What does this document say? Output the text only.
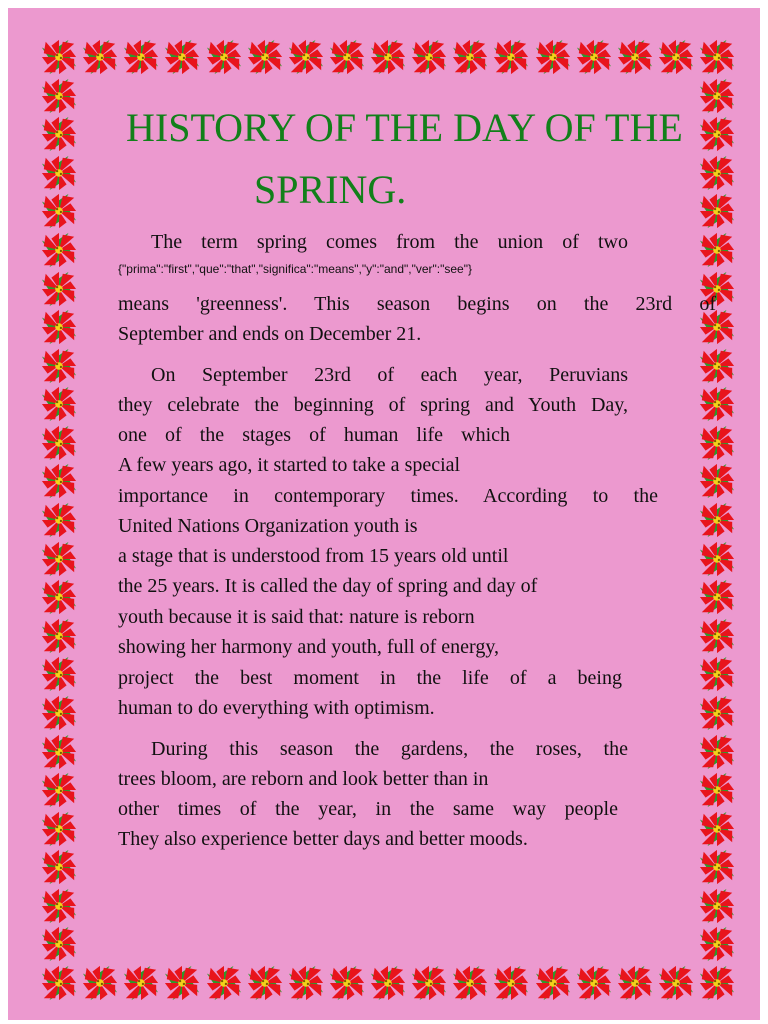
HISTORY OF THE DAY OF THE
SPRING.
The term spring comes from the union of two
{"prima":"first","que":"that","significa":"means","y":"and","ver":"see"}
means 'greenness'. This season begins on the 23rd of
September and ends on December 21.
On September 23rd of each year, Peruvians
they celebrate the beginning of spring and Youth Day,
one of the stages of human life which
A few years ago, it started to take a special
importance in contemporary times. According to the
United Nations Organization youth is
a stage that is understood from 15 years old until
the 25 years. It is called the day of spring and day of
youth because it is said that: nature is reborn
showing her harmony and youth, full of energy,
project the best moment in the life of a being
human to do everything with optimism.
During this season the gardens, the roses, the
trees bloom, are reborn and look better than in
other times of the year, in the same way people
They also experience better days and better moods.
